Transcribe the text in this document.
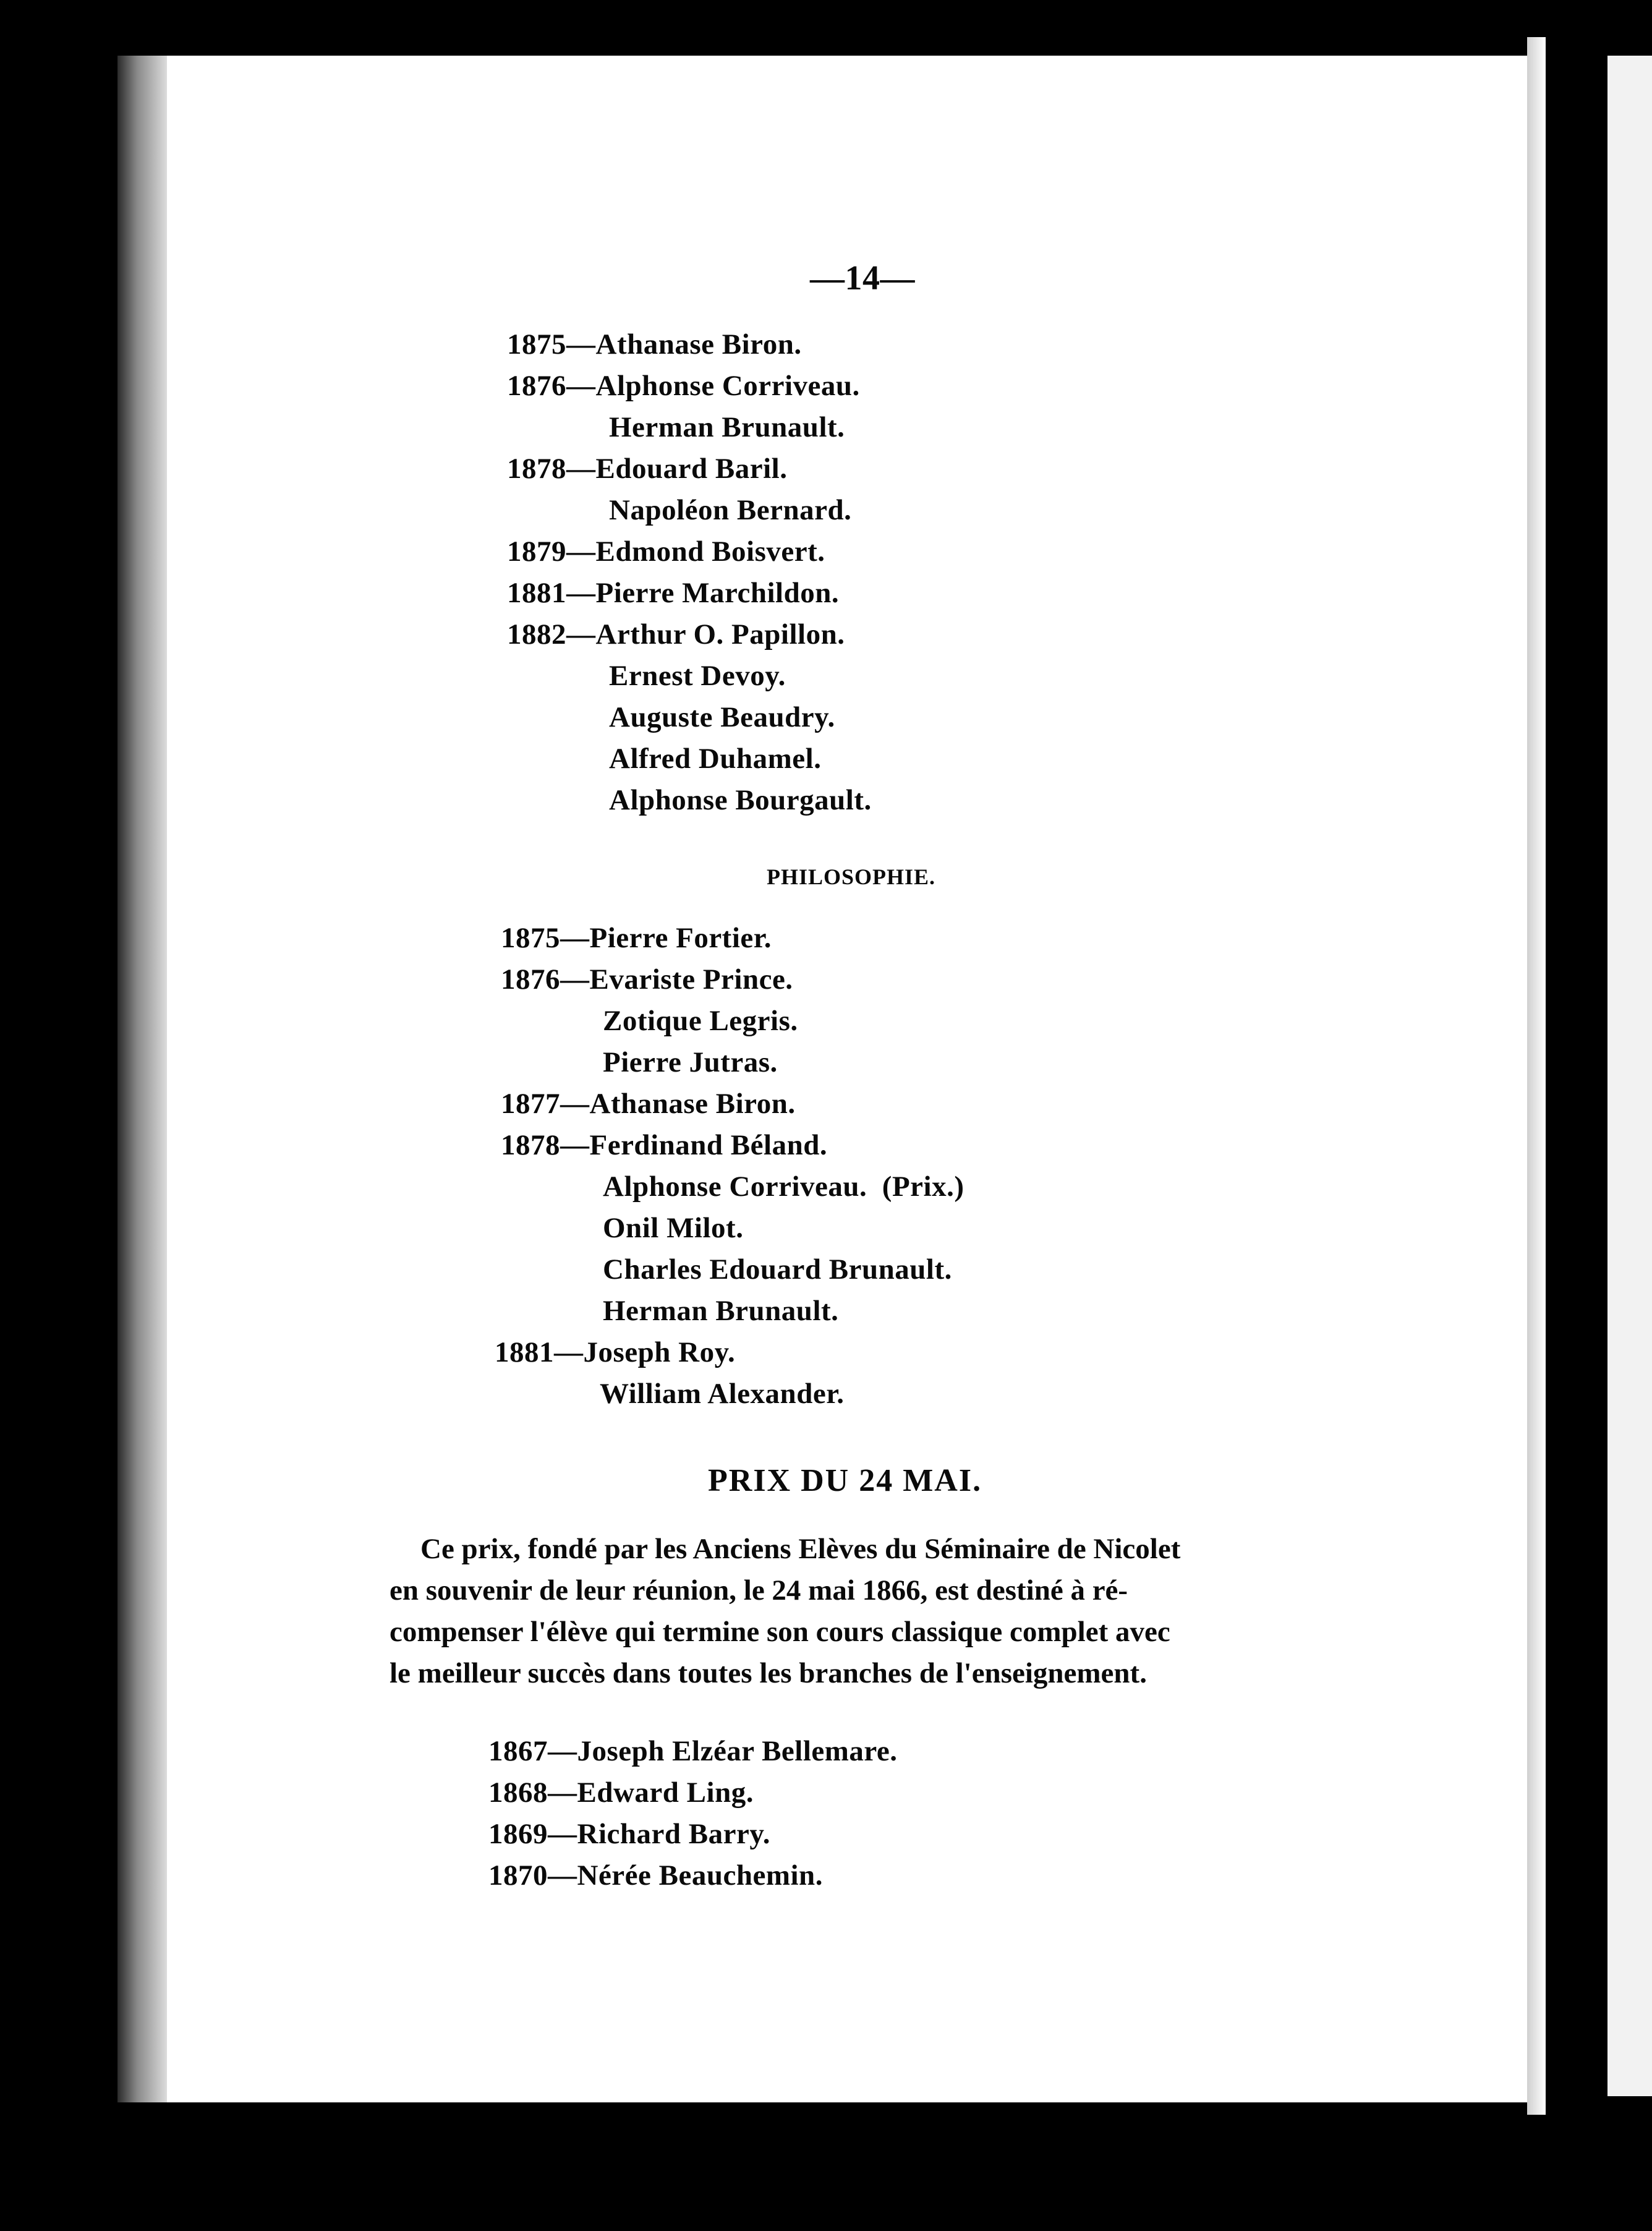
—14—
1875—Athanase Biron.
1876—Alphonse Corriveau.
Herman Brunault.
1878—Edouard Baril.
Napoléon Bernard.
1879—Edmond Boisvert.
1881—Pierre Marchildon.
1882—Arthur O. Papillon.
Ernest Devoy.
Auguste Beaudry.
Alfred Duhamel.
Alphonse Bourgault.
PHILOSOPHIE.
1875—Pierre Fortier.
1876—Evariste Prince.
Zotique Legris.
Pierre Jutras.
1877—Athanase Biron.
1878—Ferdinand Béland.
Alphonse Corriveau.  (Prix.)
Onil Milot.
Charles Edouard Brunault.
Herman Brunault.
1881—Joseph Roy.
William Alexander.
PRIX DU 24 MAI.
Ce prix, fondé par les Anciens Elèves du Séminaire de Nicolet
en souvenir de leur réunion, le 24 mai 1866, est destiné à ré-
compenser l'élève qui termine son cours classique complet avec
le meilleur succès dans toutes les branches de l'enseignement.
1867—Joseph Elzéar Bellemare.
1868—Edward Ling.
1869—Richard Barry.
1870—Nérée Beauchemin.
